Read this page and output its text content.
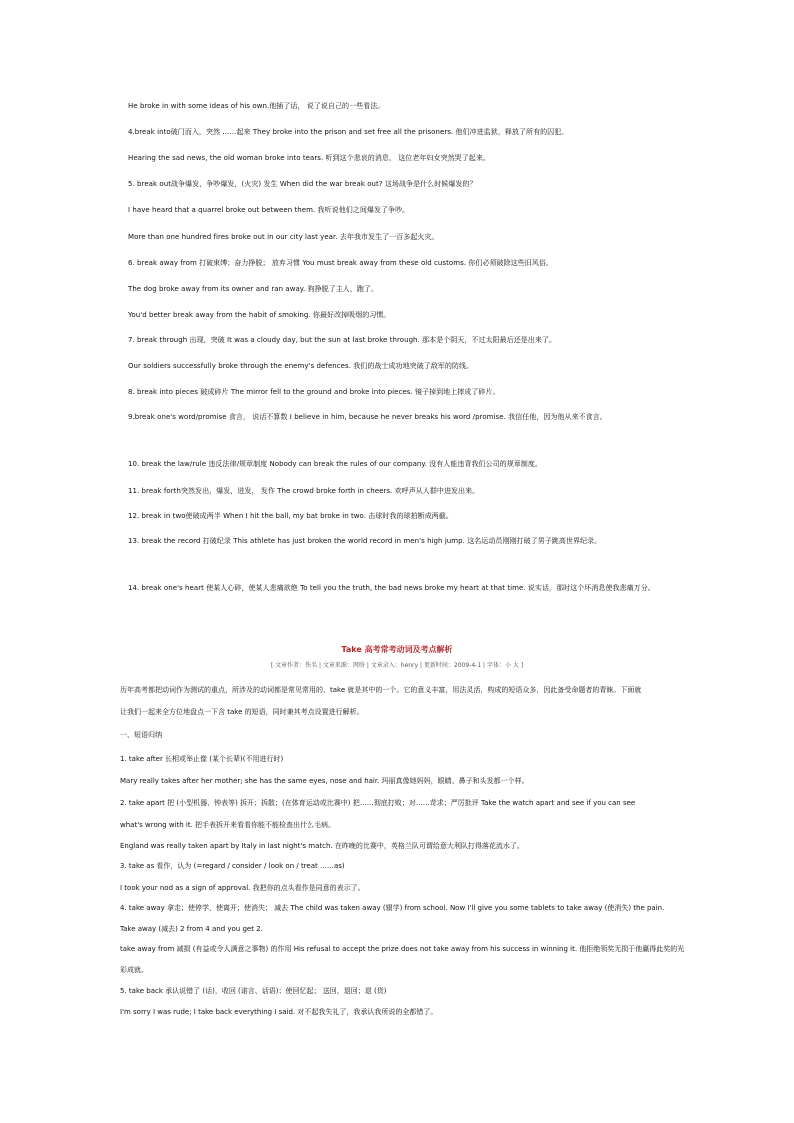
He broke in with some ideas of his own.他插了话， 说了说自己的一些看法。
4.break into破门而入，突然 ……起来 They broke into the prison and set free all the prisoners. 他们冲进监狱，释放了所有的囚犯。
Hearing the sad news, the old woman broke into tears. 听到这个悲哀的消息， 这位老年妇女突然哭了起来。
5. break out战争爆发，争吵爆发，(火灾) 发生 When did the war break out? 这场战争是什么时候爆发的？
I have heard that a quarrel broke out between them. 我听说他们之间爆发了争吵。
More than one hundred fires broke out in our city last year. 去年我市发生了一百多起火灾。
6. break away from 打破束缚；奋力挣脱； 放弃习惯 You must break away from these old customs. 你们必须破除这些旧风俗。
The dog broke away from its owner and ran away. 狗挣脱了主人，跑了。
You'd better break away from the habit of smoking. 你最好改掉吸烟的习惯。
7. break through 出现，突破 It was a cloudy day, but the sun at last broke through. 那本是个阴天，不过太阳最后还是出来了。
Our soldiers successfully broke through the enemy's defences. 我们的战士成功地突破了敌军的防线。
8. break into pieces 破成碎片 The mirror fell to the ground and broke into pieces. 镜子掉到地上摔成了碎片。
9.break one's word/promise 食言， 说话不算数 I believe in him, because he never breaks his word /promise. 我信任他，因为他从来不食言。
10. break the law/rule 违反法律/规章制度 Nobody can break the rules of our company. 没有人能违背我们公司的规章制度。
11. break forth突然发出，爆发，迸发， 发作 The crowd broke forth in cheers. 欢呼声从人群中进发出来。
12. break in two使破成两半 When I hit the ball, my bat broke in two. 击球时我的球拍断成两截。
13. break the record 打破纪录 This athlete has just broken the world record in men's high jump. 这名运动员刚刚打破了男子跳高世界纪录。
14. break one's heart 使某人心碎，使某人悲痛欲绝 To tell you the truth, the bad news broke my heart at that time. 说实话，那时这个坏消息使我悲痛万分。
Take 高考常考动词及考点解析
[ 文章作者：佚名 | 文章来源：网络 | 文章录入：henry | 更新时间：2009-4-1 | 字体：小 大 ]
历年高考都把动词作为测试的重点，所涉及的动词都是常见常用的，take 就是其中的一个。它的意义丰富，用法灵活，构成的短语众多，因此备受命题者的青睐。下面就
让我们一起来全方位地盘点一下含 take 的短语，同时兼其考点设置进行解析。
一、短语归纳
1. take after 长相或举止像 (某个长辈)(不用进行时)
Mary really takes after her mother; she has the same eyes, nose and hair. 玛丽真像她妈妈，眼睛、鼻子和头发都一个样。
2. take apart 把 (小型机器、钟表等) 拆开；拆散；(在体育运动或比赛中) 把……彻底打败；对……苛求；严厉批评 Take the watch apart and see if you can see
what's wrong with it. 把手表拆开来看看你能不能检查出什么毛病。
England was really taken apart by Italy in last night's match. 在昨晚的比赛中，英格兰队可谓给意大利队打得落花流水了。
3. take as 看作，认为 (=regard / consider / look on / treat ……as)
I took your nod as a sign of approval. 我把你的点头看作是同意的表示了。
4. take away 拿走；使停学，使离开；使消失； 减去 The child was taken away (辍学) from school. Now I'll give you some tablets to take away (使消失) the pain.
Take away (减去) 2 from 4 and you get 2.
take away from 减损 (有益或令人满意之事物) 的作用 His refusal to accept the prize does not take away from his success in winning it. 他拒绝领奖无损于他赢得此奖的光
彩成就。
5. take back 承认说错了 (话)，收回 (诺言、话语)；使回忆起； 送回，退回；退 (货)
I'm sorry I was rude; I take back everything I said. 对不起我失礼了，我承认我所说的全都错了。
